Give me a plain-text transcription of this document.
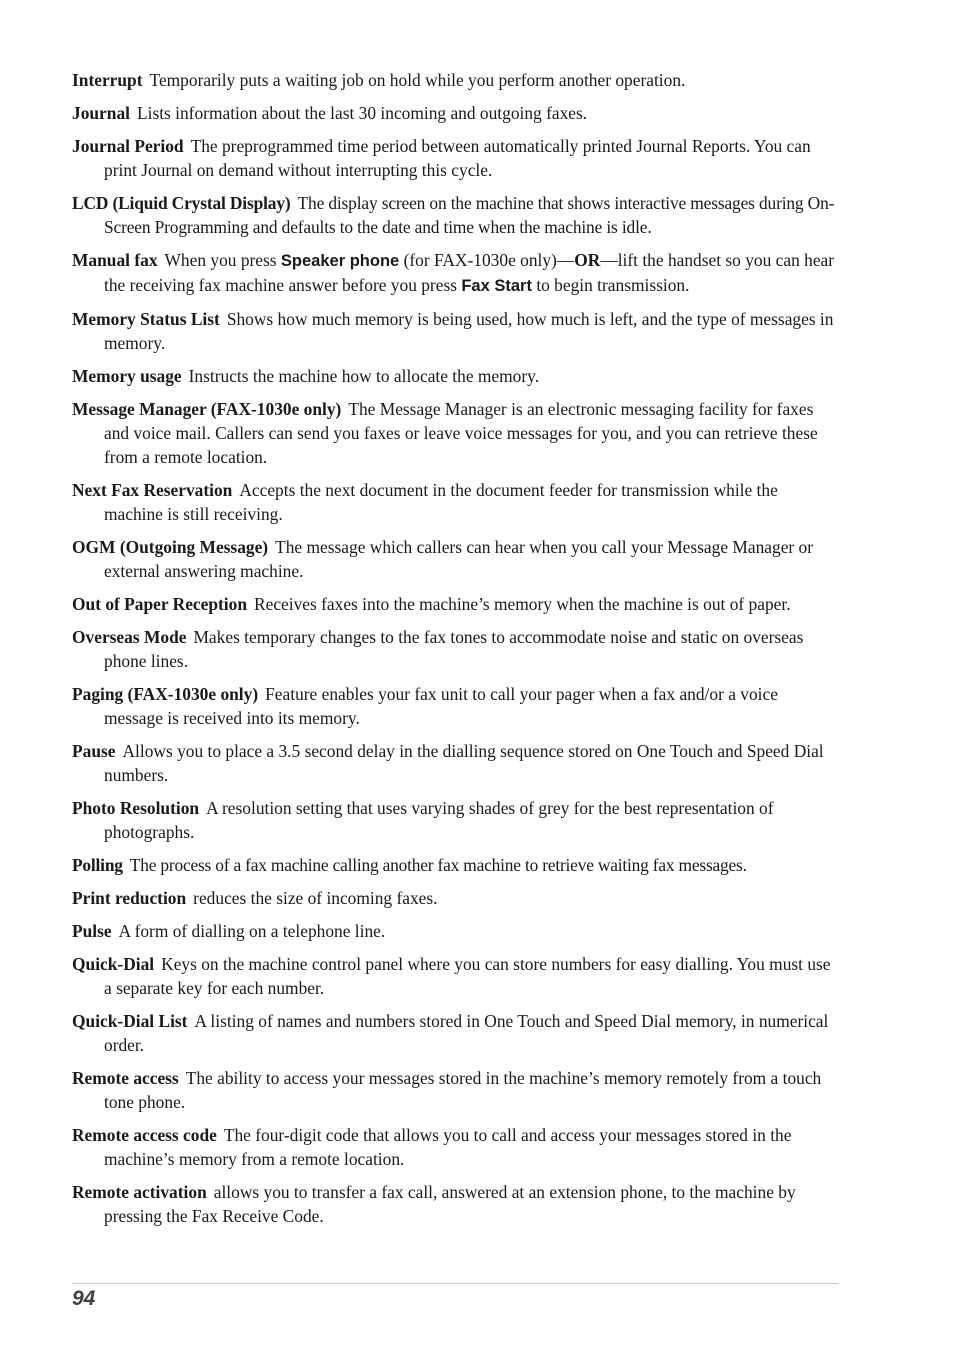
Interrupt Temporarily puts a waiting job on hold while you perform another operation.

Journal Lists information about the last 30 incoming and outgoing faxes.

Journal Period The preprogrammed time period between automatically printed Journal Reports. You can print Journal on demand without interrupting this cycle.

LCD (Liquid Crystal Display) The display screen on the machine that shows interactive messages during On-Screen Programming and defaults to the date and time when the machine is idle.

Manual fax When you press Speaker phone (for FAX-1030e only)—OR—lift the handset so you can hear the receiving fax machine answer before you press Fax Start to begin transmission.

Memory Status List Shows how much memory is being used, how much is left, and the type of messages in memory.

Memory usage Instructs the machine how to allocate the memory.

Message Manager (FAX-1030e only) The Message Manager is an electronic messaging facility for faxes and voice mail. Callers can send you faxes or leave voice messages for you, and you can retrieve these from a remote location.

Next Fax Reservation Accepts the next document in the document feeder for transmission while the machine is still receiving.

OGM (Outgoing Message) The message which callers can hear when you call your Message Manager or external answering machine.

Out of Paper Reception Receives faxes into the machine’s memory when the machine is out of paper.

Overseas Mode Makes temporary changes to the fax tones to accommodate noise and static on overseas phone lines.

Paging (FAX-1030e only) Feature enables your fax unit to call your pager when a fax and/or a voice message is received into its memory.

Pause Allows you to place a 3.5 second delay in the dialling sequence stored on One Touch and Speed Dial numbers.

Photo Resolution A resolution setting that uses varying shades of grey for the best representation of photographs.

Polling The process of a fax machine calling another fax machine to retrieve waiting fax messages.

Print reduction reduces the size of incoming faxes.

Pulse A form of dialling on a telephone line.

Quick-Dial Keys on the machine control panel where you can store numbers for easy dialling. You must use a separate key for each number.

Quick-Dial List A listing of names and numbers stored in One Touch and Speed Dial memory, in numerical order.

Remote access The ability to access your messages stored in the machine’s memory remotely from a touch tone phone.

Remote access code The four-digit code that allows you to call and access your messages stored in the machine’s memory from a remote location.

Remote activation allows you to transfer a fax call, answered at an extension phone, to the machine by pressing the Fax Receive Code.

94
